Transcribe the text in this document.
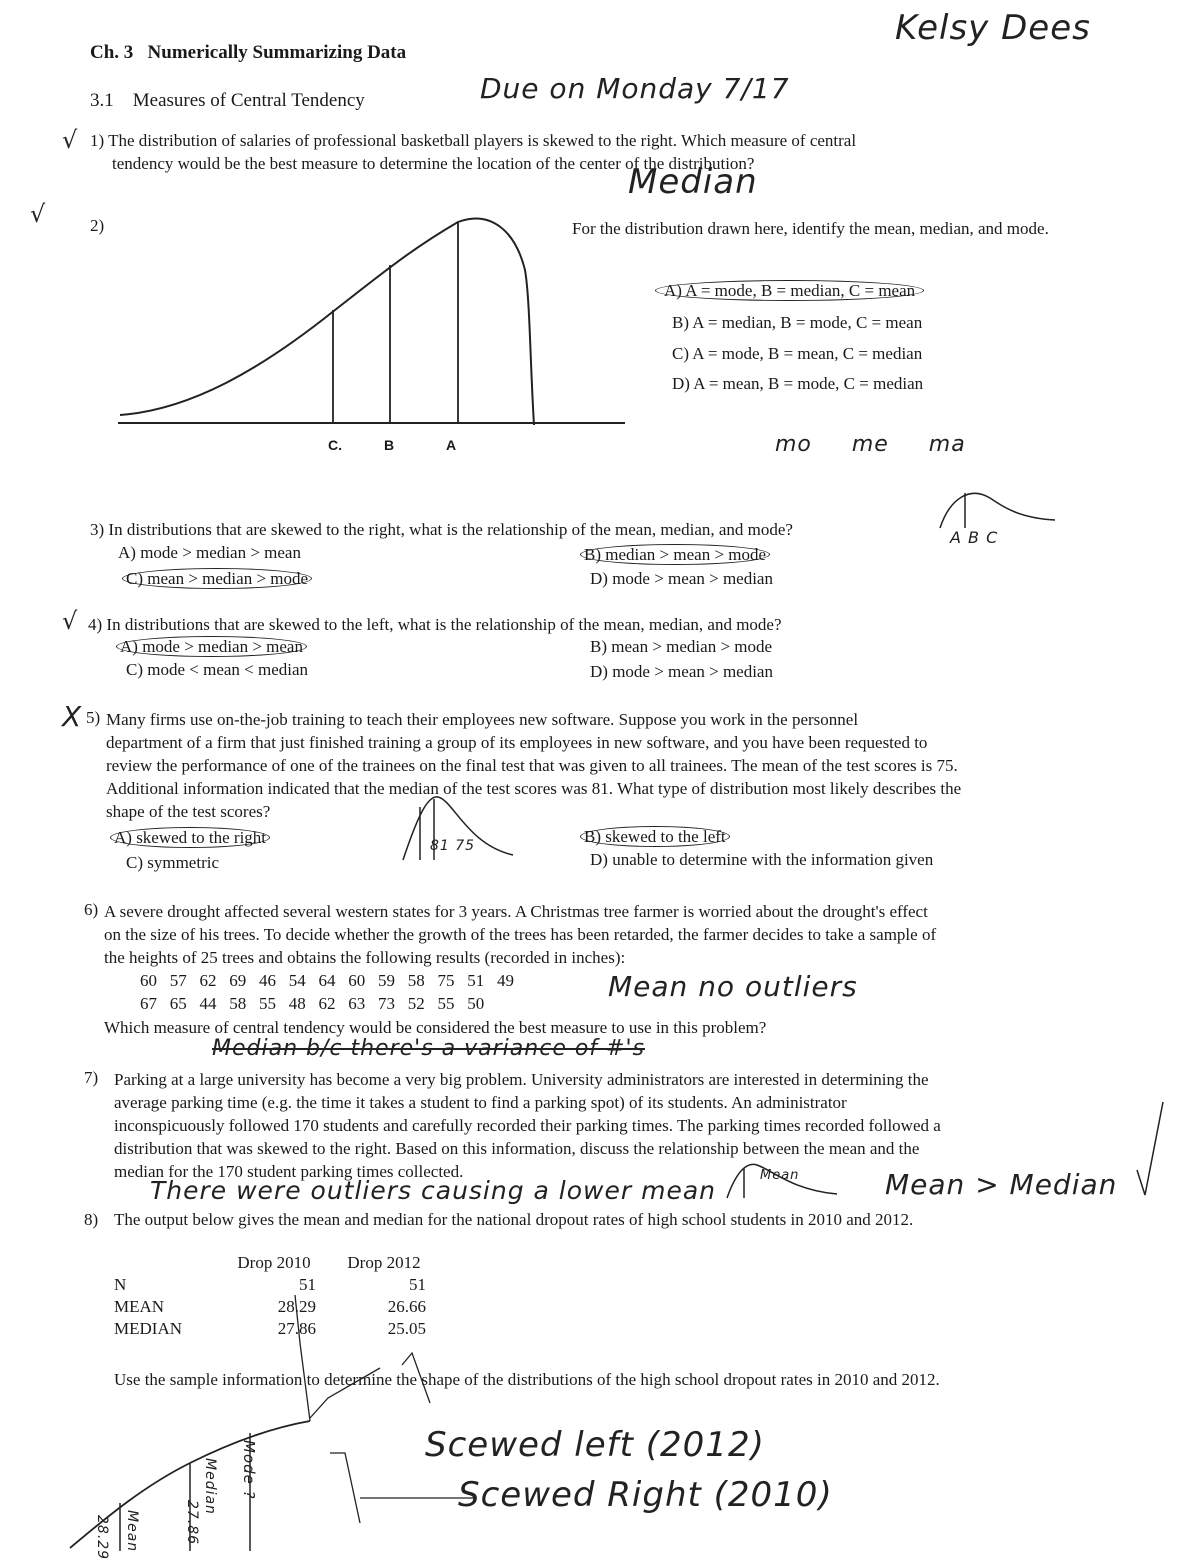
Ch. 3 Numerically Summarizing Data
3.1 Measures of Central Tendency
Kelsy Dees
Due on Monday 7/17
√ 1) The distribution of salaries of professional basketball players is skewed to the right. Which measure of central
tendency would be the best measure to determine the location of the center of the distribution?
Median
√	2)	For the distribution drawn here, identify the mean, median, and mode.
C.	B	A
A) A = mode, B = median, C = mean
B) A = median, B = mode, C = mean
C) A = mode, B = mean, C = median
D) A = mean, B = mode, C = median
mo     me     ma
3) In distributions that are skewed to the right, what is the relationship of the mean, median, and mode?	A B C
A) mode > median > mean	B) median > mean > mode
C) mean > median > mode	D) mode > mean > median
√ 4) In distributions that are skewed to the left, what is the relationship of the mean, median, and mode?
A) mode > median > mean	B) mean > median > mode
C) mode < mean < median	D) mode > mean > median
X 5) Many firms use on-the-job training to teach their employees new software. Suppose you work in the personnel
department of a firm that just finished training a group of its employees in new software, and you have been requested to
review the performance of one of the trainees on the final test that was given to all trainees. The mean of the test scores is 75.
Additional information indicated that the median of the test scores was 81. What type of distribution most likely describes the
shape of the test scores?
A) skewed to the right	B) skewed to the left
C) symmetric	D) unable to determine with the information given
81 75
6) A severe drought affected several western states for 3 years. A Christmas tree farmer is worried about the drought's effect
on the size of his trees. To decide whether the growth of the trees has been retarded, the farmer decides to take a sample of
the heights of 25 trees and obtains the following results (recorded in inches):
60   57   62   69   46   54   64   60   59   58   75   51   49
67   65   44   58   55   48   62   63   73   52   55   50
Mean no outliers
Which measure of central tendency would be considered the best measure to use in this problem?
Median b/c there's a variance of #'s
7) Parking at a large university has become a very big problem. University administrators are interested in determining the
average parking time (e.g. the time it takes a student to find a parking spot) of its students. An administrator
inconspicuously followed 170 students and carefully recorded their parking times. The parking times recorded followed a
distribution that was skewed to the right. Based on this information, discuss the relationship between the mean and the
median for the 170 student parking times collected.
There were outliers causing a lower mean
Mean	Mean > Median
8) The output below gives the mean and median for the national dropout rates of high school students in 2010 and 2012.
	Drop 2010	Drop 2012
N	51	51
MEAN	28.29	26.66
MEDIAN	27.86	25.05
Use the sample information to determine the shape of the distributions of the high school dropout rates in 2010 and 2012.
Mode ?
Median
27.86
Mean
28.29
Scewed left (2012)
Scewed Right (2010)
